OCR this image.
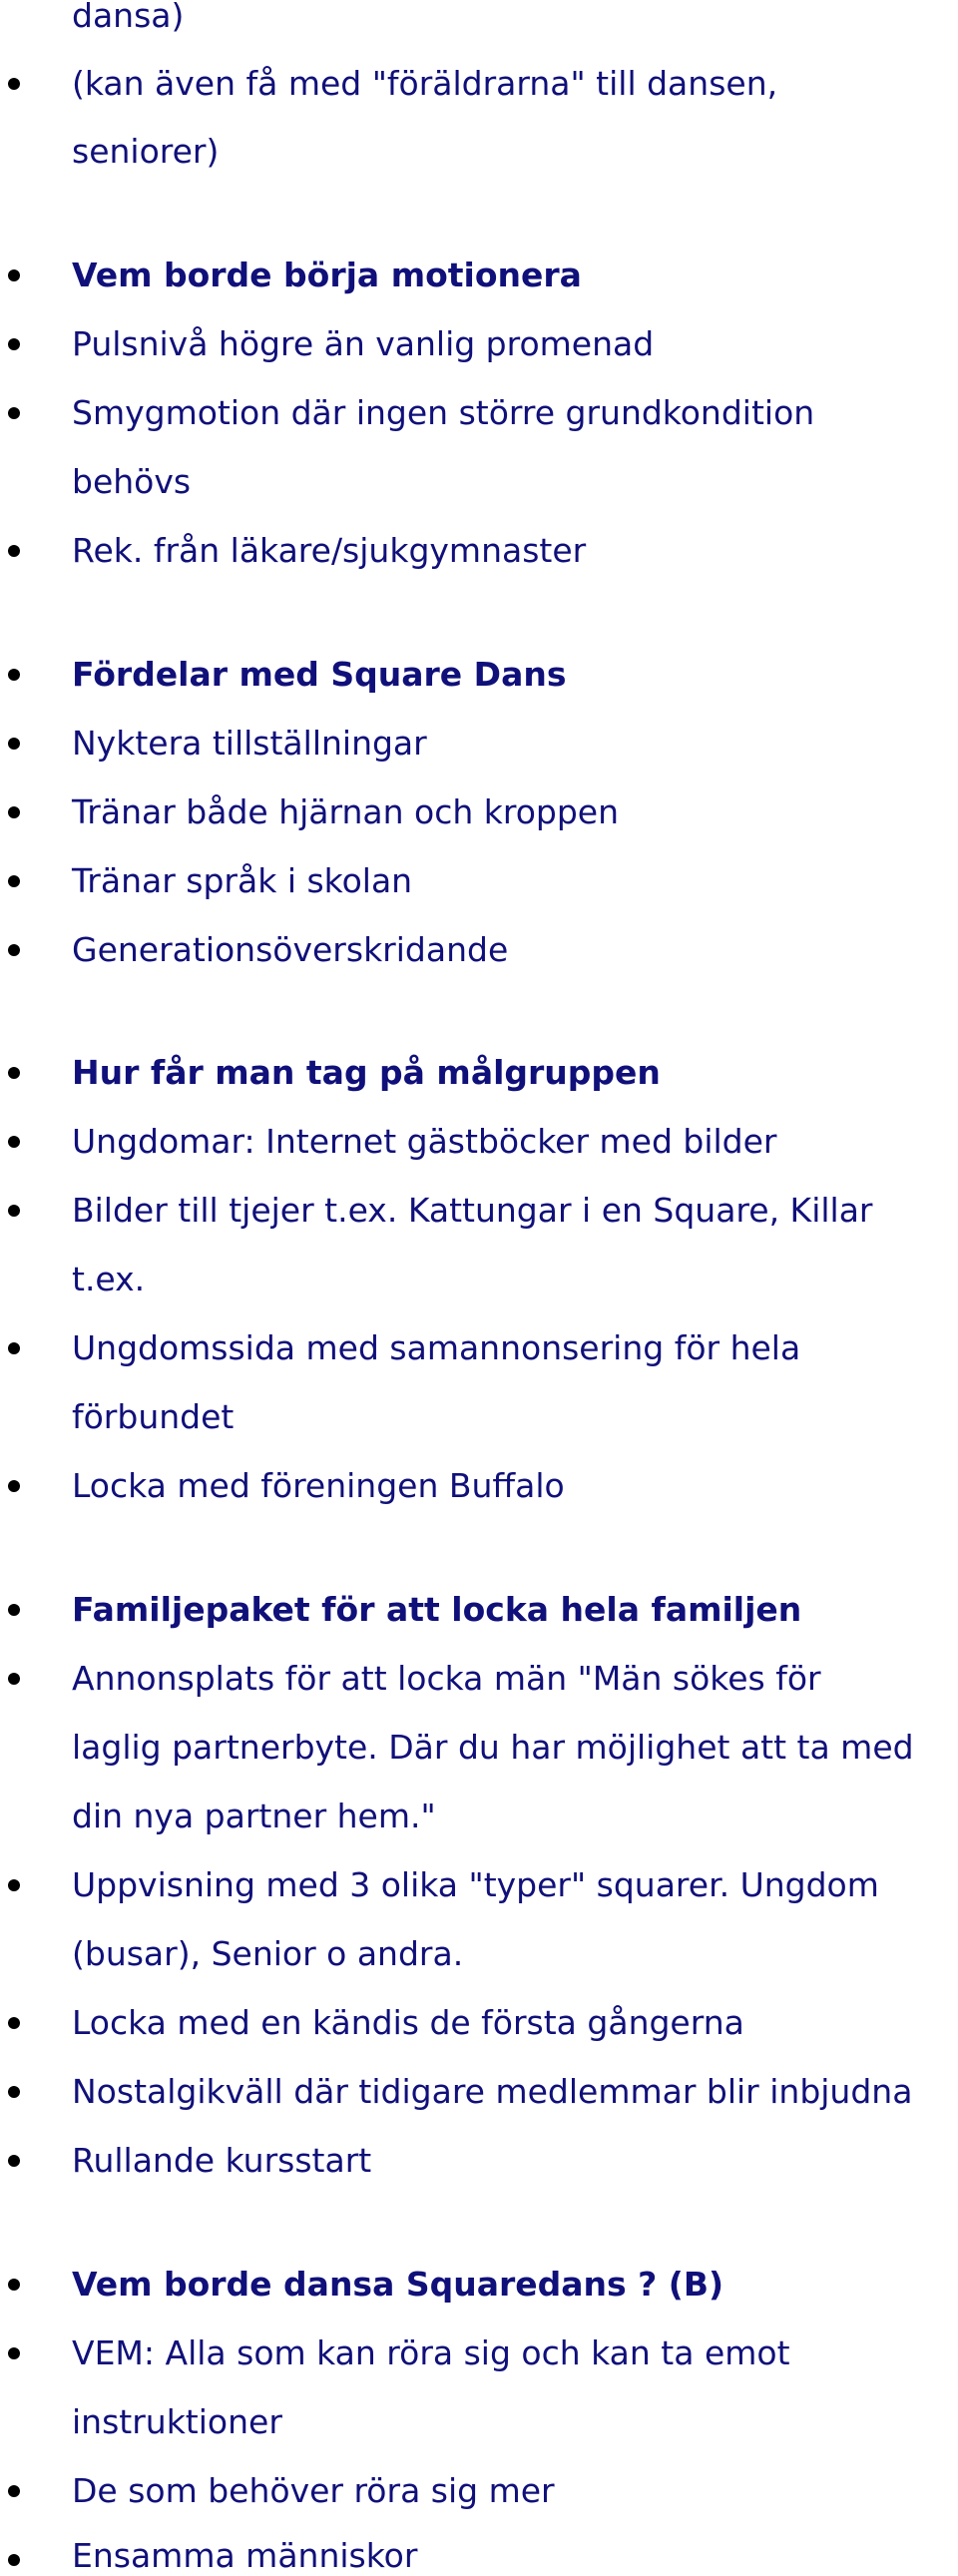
dansa)
(kan även få med "föräldrarna" till dansen,
seniorer)
Vem borde börja motionera
Pulsnivå högre än vanlig promenad
Smygmotion där ingen större grundkondition
behövs
Rek. från läkare/sjukgymnaster
Fördelar med Square Dans
Nyktera tillställningar
Tränar både hjärnan och kroppen
Tränar språk i skolan
Generationsöverskridande
Hur får man tag på målgruppen
Ungdomar: Internet gästböcker med bilder
Bilder till tjejer t.ex. Kattungar i en Square, Killar
t.ex.
Ungdomssida med samannonsering för hela
förbundet
Locka med föreningen Buffalo
Familjepaket för att locka hela familjen
Annonsplats för att locka män "Män sökes för
laglig partnerbyte. Där du har möjlighet att ta med
din nya partner hem."
Uppvisning med 3 olika "typer" squarer. Ungdom
(busar), Senior o andra.
Locka med en kändis de första gångerna
Nostalgikväll där tidigare medlemmar blir inbjudna
Rullande kursstart
Vem borde dansa Squaredans ? (B)
VEM: Alla som kan röra sig och kan ta emot
instruktioner
De som behöver röra sig mer
Ensamma människor
